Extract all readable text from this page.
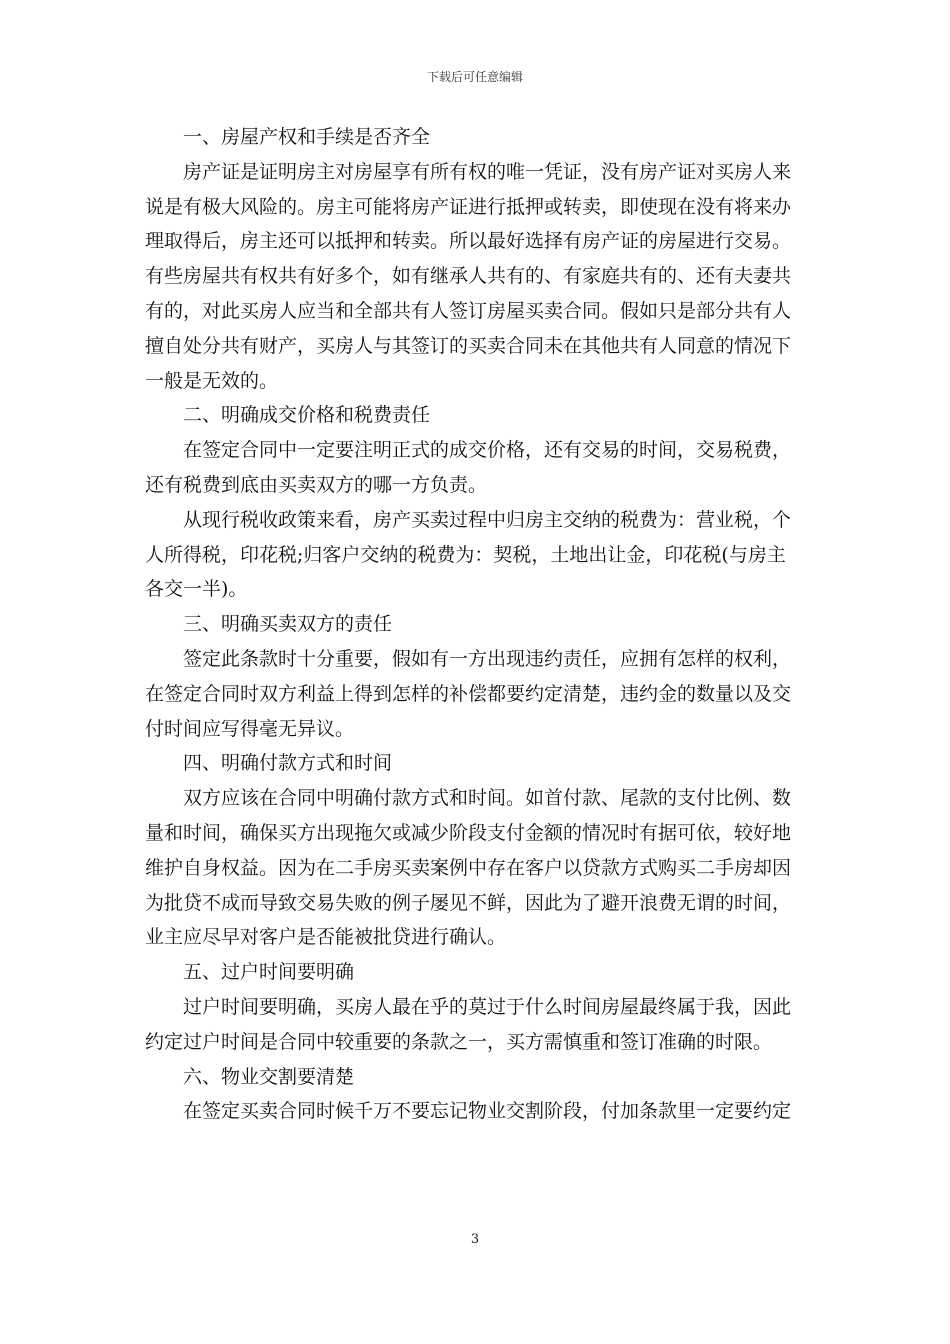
下载后可任意编辑
一、房屋产权和手续是否齐全
房产证是证明房主对房屋享有所有权的唯一凭证，没有房产证对买房人来
说是有极大风险的。房主可能将房产证进行抵押或转卖，即使现在没有将来办
理取得后，房主还可以抵押和转卖。所以最好选择有房产证的房屋进行交易。
有些房屋共有权共有好多个，如有继承人共有的、有家庭共有的、还有夫妻共
有的，对此买房人应当和全部共有人签订房屋买卖合同。假如只是部分共有人
擅自处分共有财产，买房人与其签订的买卖合同未在其他共有人同意的情况下
一般是无效的。
二、明确成交价格和税费责任
在签定合同中一定要注明正式的成交价格，还有交易的时间，交易税费，
还有税费到底由买卖双方的哪一方负责。
从现行税收政策来看，房产买卖过程中归房主交纳的税费为：营业税，个
人所得税，印花税;归客户交纳的税费为：契税，土地出让金，印花税(与房主
各交一半)。
三、明确买卖双方的责任
签定此条款时十分重要，假如有一方出现违约责任，应拥有怎样的权利，
在签定合同时双方利益上得到怎样的补偿都要约定清楚，违约金的数量以及交
付时间应写得毫无异议。
四、明确付款方式和时间
双方应该在合同中明确付款方式和时间。如首付款、尾款的支付比例、数
量和时间，确保买方出现拖欠或减少阶段支付金额的情况时有据可依，较好地
维护自身权益。因为在二手房买卖案例中存在客户以贷款方式购买二手房却因
为批贷不成而导致交易失败的例子屡见不鲜，因此为了避开浪费无谓的时间，
业主应尽早对客户是否能被批贷进行确认。
五、过户时间要明确
过户时间要明确，买房人最在乎的莫过于什么时间房屋最终属于我，因此
约定过户时间是合同中较重要的条款之一，买方需慎重和签订准确的时限。
六、物业交割要清楚
在签定买卖合同时候千万不要忘记物业交割阶段，付加条款里一定要约定
3
